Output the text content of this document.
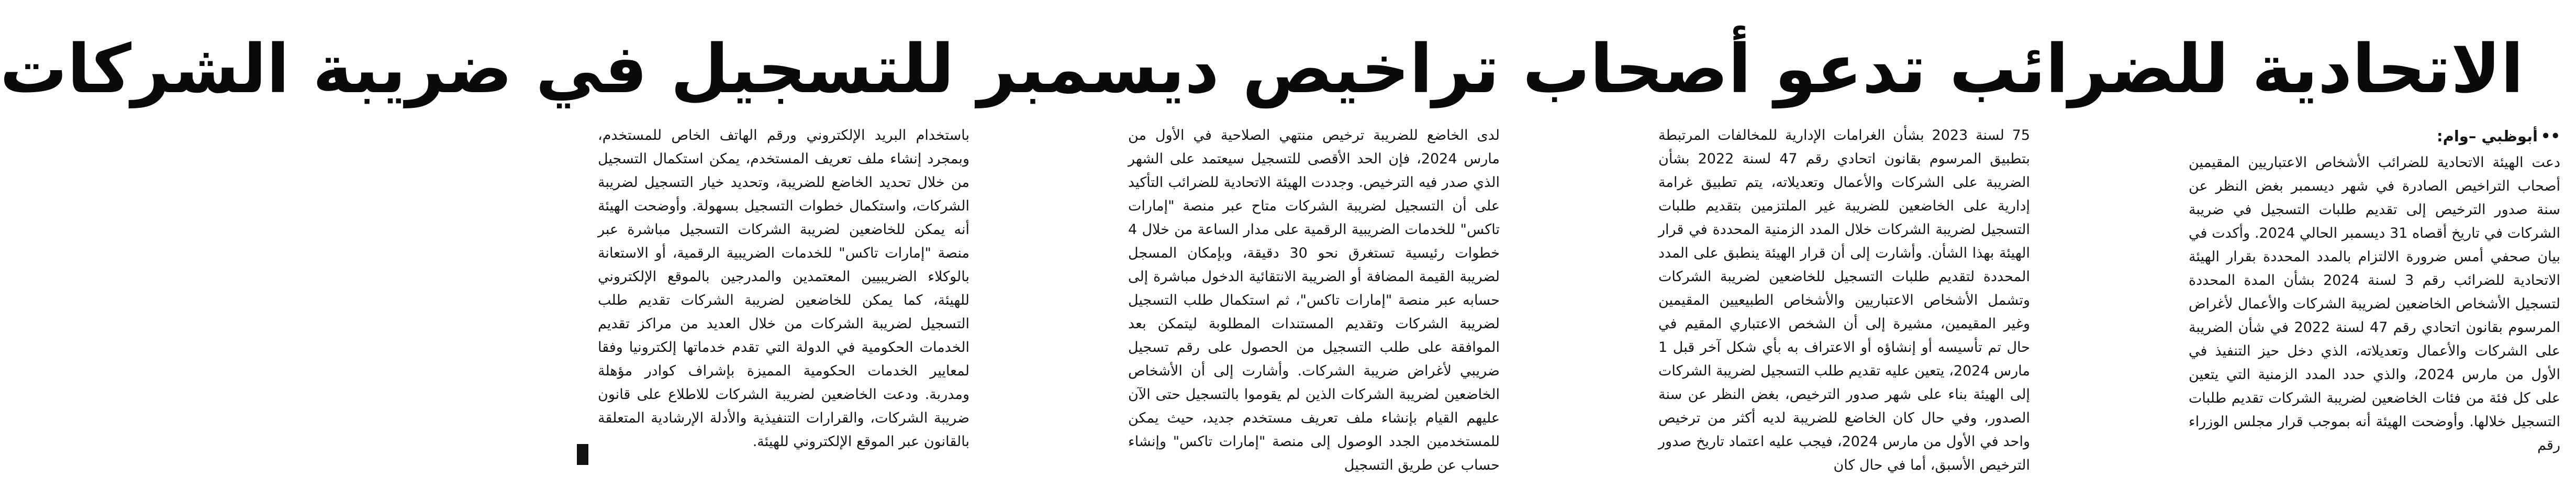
الاتحادية للضرائب تدعو أصحاب تراخيص ديسمبر للتسجيل في ضريبة الشركات
••أبوظبي –وام:

دعت الهيئة الاتحادية للضرائب الأشخاص الاعتباريين المقيمين أصحاب التراخيص الصادرة في شهر ديسمبر بغض النظر عن سنة صدور الترخيص إلى تقديم طلبات التسجيل في ضريبة الشركات في تاريخ أقصاه 31 ديسمبر الحالي 2024. وأكدت في بيان صحفي أمس ضرورة الالتزام بالمدد المحددة بقرار الهيئة الاتحادية للضرائب رقم 3 لسنة 2024 بشأن المدة المحددة لتسجيل الأشخاص الخاضعين لضريبة الشركات والأعمال لأغراض المرسوم بقانون اتحادي رقم 47 لسنة 2022 في شأن الضريبة على الشركات والأعمال وتعديلاته، الذي دخل حيز التنفيذ في الأول من مارس 2024، والذي حدد المدد الزمنية التي يتعين على كل فئة من فئات الخاضعين لضريبة الشركات تقديم طلبات التسجيل خلالها. وأوضحت الهيئة أنه بموجب قرار مجلس الوزراء رقم

75 لسنة 2023 بشأن الغرامات الإدارية للمخالفات المرتبطة بتطبيق المرسوم بقانون اتحادي رقم 47 لسنة 2022 بشأن الضريبة على الشركات والأعمال وتعديلاته، يتم تطبيق غرامة إدارية على الخاضعين للضريبة غير الملتزمين بتقديم طلبات التسجيل لضريبة الشركات خلال المدد الزمنية المحددة في قرار الهيئة بهذا الشأن. وأشارت إلى أن قرار الهيئة ينطبق على المدد المحددة لتقديم طلبات التسجيل للخاضعين لضريبة الشركات وتشمل الأشخاص الاعتباريين والأشخاص الطبيعيين المقيمين وغير المقيمين، مشيرة إلى أن الشخص الاعتباري المقيم في حال تم تأسيسه أو إنشاؤه أو الاعتراف به بأي شكل آخر قبل 1 مارس 2024، يتعين عليه تقديم طلب التسجيل لضريبة الشركات إلى الهيئة بناء على شهر صدور الترخيص، بغض النظر عن سنة الصدور، وفي حال كان الخاضع للضريبة لديه أكثر من ترخيص واحد في الأول من مارس 2024، فيجب عليه اعتماد تاريخ صدور الترخيص الأسبق، أما في حال كان

لدى الخاضع للضريبة ترخيص منتهي الصلاحية في الأول من مارس 2024، فإن الحد الأقصى للتسجيل سيعتمد على الشهر الذي صدر فيه الترخيص. وجددت الهيئة الاتحادية للضرائب التأكيد على أن التسجيل لضريبة الشركات متاح عبر منصة "إمارات تاكس" للخدمات الضريبية الرقمية على مدار الساعة من خلال 4 خطوات رئيسية تستغرق نحو 30 دقيقة، وبإمكان المسجل لضريبة القيمة المضافة أو الضريبة الانتقائية الدخول مباشرة إلى حسابه عبر منصة "إمارات تاكس"، ثم استكمال طلب التسجيل لضريبة الشركات وتقديم المستندات المطلوبة ليتمكن بعد الموافقة على طلب التسجيل من الحصول على رقم تسجيل ضريبي لأغراض ضريبة الشركات. وأشارت إلى أن الأشخاص الخاضعين لضريبة الشركات الذين لم يقوموا بالتسجيل حتى الآن عليهم القيام بإنشاء ملف تعريف مستخدم جديد، حيث يمكن للمستخدمين الجدد الوصول إلى منصة "إمارات تاكس" وإنشاء حساب عن طريق التسجيل

باستخدام البريد الإلكتروني ورقم الهاتف الخاص للمستخدم، وبمجرد إنشاء ملف تعريف المستخدم، يمكن استكمال التسجيل من خلال تحديد الخاضع للضريبة، وتحديد خيار التسجيل لضريبة الشركات، واستكمال خطوات التسجيل بسهولة. وأوضحت الهيئة أنه يمكن للخاضعين لضريبة الشركات التسجيل مباشرة عبر منصة "إمارات تاكس" للخدمات الضريبية الرقمية، أو الاستعانة بالوكلاء الضريبيين المعتمدين والمدرجين بالموقع الإلكتروني للهيئة، كما يمكن للخاضعين لضريبة الشركات تقديم طلب التسجيل لضريبة الشركات من خلال العديد من مراكز تقديم الخدمات الحكومية في الدولة التي تقدم خدماتها إلكترونيا وفقا لمعايير الخدمات الحكومية المميزة بإشراف كوادر مؤهلة ومدربة. ودعت الخاضعين لضريبة الشركات للاطلاع على قانون ضريبة الشركات، والقرارات التنفيذية والأدلة الإرشادية المتعلقة بالقانون عبر الموقع الإلكتروني للهيئة.
